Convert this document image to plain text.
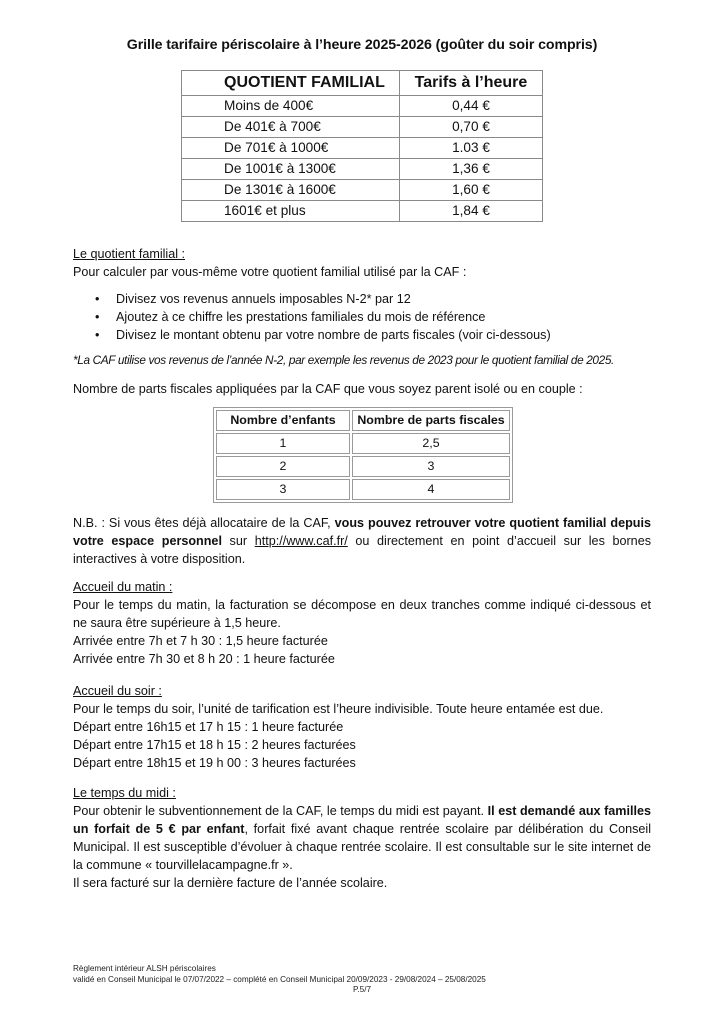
Grille tarifaire périscolaire à l’heure 2025-2026 (goûter du soir compris)
QUOTIENT FAMILIAL	Tarifs à l’heure
Moins de 400€	0,44 €
De 401€ à 700€	0,70 €
De 701€ à 1000€	1.03 €
De 1001€ à 1300€	1,36 €
De 1301€ à 1600€	1,60 €
1601€ et plus	1,84 €
Le quotient familial :
Pour calculer par vous-même votre quotient familial utilisé par la CAF :
• Divisez vos revenus annuels imposables N-2* par 12
• Ajoutez à ce chiffre les prestations familiales du mois de référence
• Divisez le montant obtenu par votre nombre de parts fiscales (voir ci-dessous)
*La CAF utilise vos revenus de l’année N-2, par exemple les revenus de 2023 pour le quotient familial de 2025.
Nombre de parts fiscales appliquées par la CAF que vous soyez parent isolé ou en couple :
Nombre d’enfants	Nombre de parts fiscales
1	2,5
2	3
3	4
N.B. : Si vous êtes déjà allocataire de la CAF, vous pouvez retrouver votre quotient familial depuis votre espace personnel sur http://www.caf.fr/ ou directement en point d’accueil sur les bornes interactives à votre disposition.
Accueil du matin :
Pour le temps du matin, la facturation se décompose en deux tranches comme indiqué ci-dessous et ne saura être supérieure à 1,5 heure.
Arrivée entre 7h et 7 h 30 : 1,5 heure facturée
Arrivée entre 7h 30 et 8 h 20 : 1 heure facturée
Accueil du soir :
Pour le temps du soir, l’unité de tarification est l’heure indivisible. Toute heure entamée est due.
Départ entre 16h15 et 17 h 15 : 1 heure facturée
Départ entre 17h15 et 18 h 15 : 2 heures facturées
Départ entre 18h15 et 19 h 00 : 3 heures facturées
Le temps du midi :
Pour obtenir le subventionnement de la CAF, le temps du midi est payant. Il est demandé aux familles un forfait de 5 € par enfant, forfait fixé avant chaque rentrée scolaire par délibération du Conseil Municipal. Il est susceptible d’évoluer à chaque rentrée scolaire. Il est consultable sur le site internet de la commune « tourvillelacampagne.fr ».
Il sera facturé sur la dernière facture de l’année scolaire.
Règlement intérieur ALSH périscolaires
validé en Conseil Municipal le 07/07/2022 – complété en Conseil Municipal 20/09/2023 - 29/08/2024 – 25/08/2025
P.5/7
